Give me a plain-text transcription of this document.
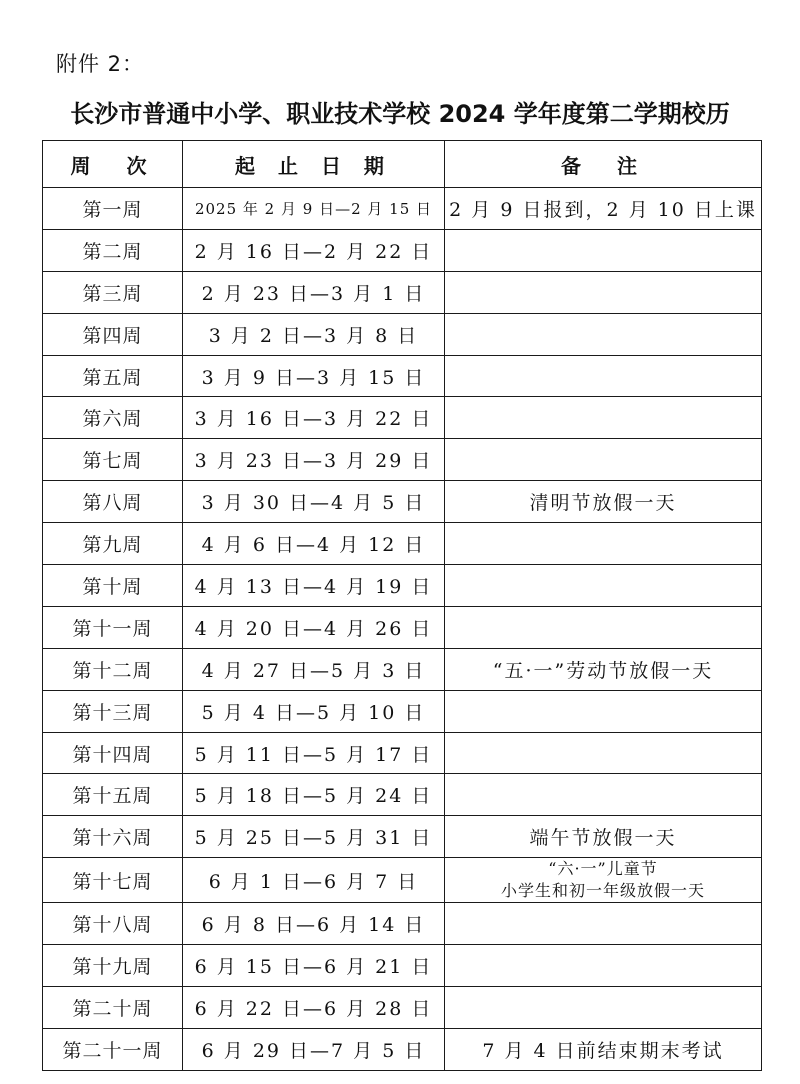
附件 2：
长沙市普通中小学、职业技术学校 2024 学年度第二学期校历
周　次	起 止 日 期	备　注
第一周	2025 年 2 月 9 日—2 月 15 日	2 月 9 日报到，2 月 10 日上课
第二周	2 月 16 日—2 月 22 日	
第三周	2 月 23 日—3 月 1 日	
第四周	3 月 2 日—3 月 8 日	
第五周	3 月 9 日—3 月 15 日	
第六周	3 月 16 日—3 月 22 日	
第七周	3 月 23 日—3 月 29 日	
第八周	3 月 30 日—4 月 5 日	清明节放假一天
第九周	4 月 6 日—4 月 12 日	
第十周	4 月 13 日—4 月 19 日	
第十一周	4 月 20 日—4 月 26 日	
第十二周	4 月 27 日—5 月 3 日	“五·一”劳动节放假一天
第十三周	5 月 4 日—5 月 10 日	
第十四周	5 月 11 日—5 月 17 日	
第十五周	5 月 18 日—5 月 24 日	
第十六周	5 月 25 日—5 月 31 日	端午节放假一天
第十七周	6 月 1 日—6 月 7 日	“六·一”儿童节
小学生和初一年级放假一天

第十八周	6 月 8 日—6 月 14 日	
第十九周	6 月 15 日—6 月 21 日	
第二十周	6 月 22 日—6 月 28 日	
第二十一周	6 月 29 日—7 月 5 日	7 月 4 日前结束期末考试
